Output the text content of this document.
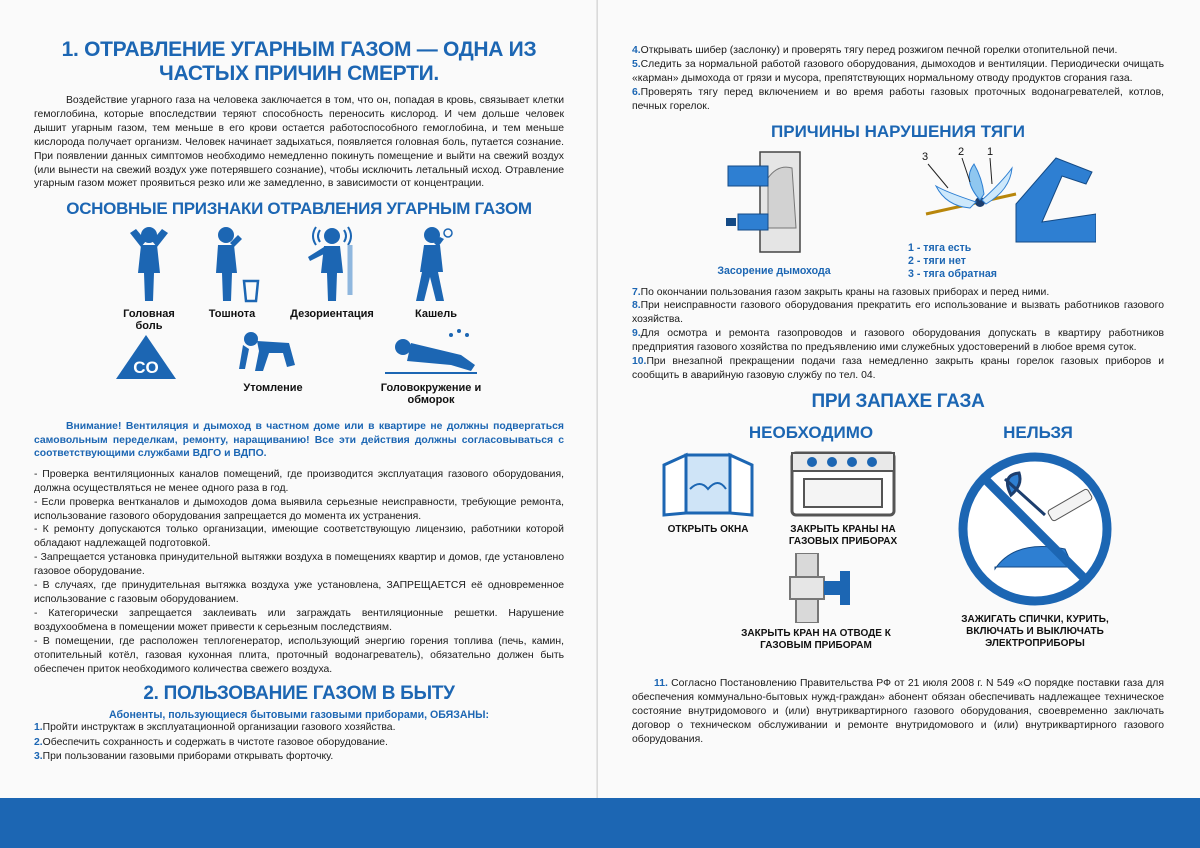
1. ОТРАВЛЕНИЕ УГАРНЫМ ГАЗОМ — ОДНА ИЗ ЧАСТЫХ ПРИЧИН СМЕРТИ.

Воздействие угарного газа на человека заключается в том, что он, попадая в кровь, связывает клетки гемоглобина, которые впоследствии теряют способность переносить кислород. И чем дольше человек дышит угарным газом, тем меньше в его крови остается работоспособного гемоглобина, и тем меньше кислорода получает организм. Человек начинает задыхаться, появляется головная боль, путается сознание. При появлении данных симптомов необходимо немедленно покинуть помещение и выйти на свежий воздух (или вынести на свежий воздух уже потерявшего сознание), чтобы исключить летальный исход. Отравление угарным газом может проявиться резко или же замедленно, в зависимости от концентрации.

ОСНОВНЫЕ ПРИЗНАКИ ОТРАВЛЕНИЯ УГАРНЫМ ГАЗОМ
Головная боль
Тошнота	Дезориентация	Кашель
CO
Утомление	Головокружение и обморок
Внимание! Вентиляция и дымоход в частном доме или в квартире не должны подвергаться самовольным переделкам, ремонту, наращиванию! Все эти действия должны согласовываться с соответствующими службами ВДГО и ВДПО.

- Проверка вентиляционных каналов помещений, где производится эксплуатация газового оборудования, должна осуществляться не менее одного раза в год.

- Если проверка вентканалов и дымоходов дома выявила серьезные неисправности, требующие ремонта, использование газового оборудования запрещается до момента их устранения.

- К ремонту допускаются только организации, имеющие соответствующую лицензию, работники которой обладают надлежащей подготовкой.

- Запрещается установка принудительной вытяжки воздуха в помещениях квартир и домов, где установлено газовое оборудование.

- В случаях, где принудительная вытяжка воздуха уже установлена, ЗАПРЕЩАЕТСЯ её одновременное использование с газовым оборудованием.

- Категорически запрещается заклеивать или заграждать вентиляционные решетки. Нарушение воздухообмена в помещении может привести к серьезным последствиям.

- В помещении, где расположен теплогенератор, использующий энергию горения топлива (печь, камин, отопительный котёл, газовая кухонная плита, проточный водонагреватель), обязательно должен быть обеспечен приток необходимого количества свежего воздуха.

2. ПОЛЬЗОВАНИЕ ГАЗОМ В БЫТУ
Абоненты, пользующиеся бытовыми газовыми приборами, ОБЯЗАНЫ:
1.Пройти инструктаж в эксплуатационной организации газового хозяйства.
2.Обеспечить сохранность и содержать в чистоте газовое оборудование.
3.При пользовании газовыми приборами открывать форточку.

4.Открывать шибер (заслонку) и проверять тягу перед розжигом печной горелки отопительной печи.

5.Следить за нормальной работой газового оборудования, дымоходов и вентиляции. Периодически очищать «карман» дымохода от грязи и мусора, препятствующих нормальному отводу продуктов сгорания газа.

6.Проверять тягу перед включением и во время работы газовых проточных водонагревателей, котлов, печных горелок.

ПРИЧИНЫ НАРУШЕНИЯ ТЯГИ
Засорение дымохода
3	2 1
1 - тяга есть
2 - тяги нет
3 - тяга обратная

7.По окончании пользования газом закрыть краны на газовых приборах и перед ними.

8.При неисправности газового оборудования прекратить его использование и вызвать работников газового хозяйства.

9.Для осмотра и ремонта газопроводов и газового оборудования допускать в квартиру работников предприятия газового хозяйства по предъявлению ими служебных удостоверений в любое время суток.

10.При внезапной прекращении подачи газа немедленно закрыть краны горелок газовых приборов и сообщить в аварийную газовую службу по тел. 04.

ПРИ ЗАПАХЕ ГАЗА
НЕОБХОДИМО	НЕЛЬЗЯ
ОТКРЫТЬ ОКНА	ЗАКРЫТЬ КРАНЫ НА ГАЗОВЫХ ПРИБОРАХ
ЗАКРЫТЬ КРАН НА ОТВОДЕ К ГАЗОВЫМ ПРИБОРАМ
ЗАЖИГАТЬ СПИЧКИ, КУРИТЬ, ВКЛЮЧАТЬ И ВЫКЛЮЧАТЬ ЭЛЕКТРОПРИБОРЫ

11. Согласно Постановлению Правительства РФ от 21 июля 2008 г. N 549 «О порядке поставки газа для обеспечения коммунально-бытовых нужд-граждан» абонент обязан обеспечивать надлежащее техническое состояние внутридомового и (или) внутриквартирного газового оборудования, своевременно заключать договор о техническом обслуживании и ремонте внутридомового и (или) внутриквартирного газового оборудования.
